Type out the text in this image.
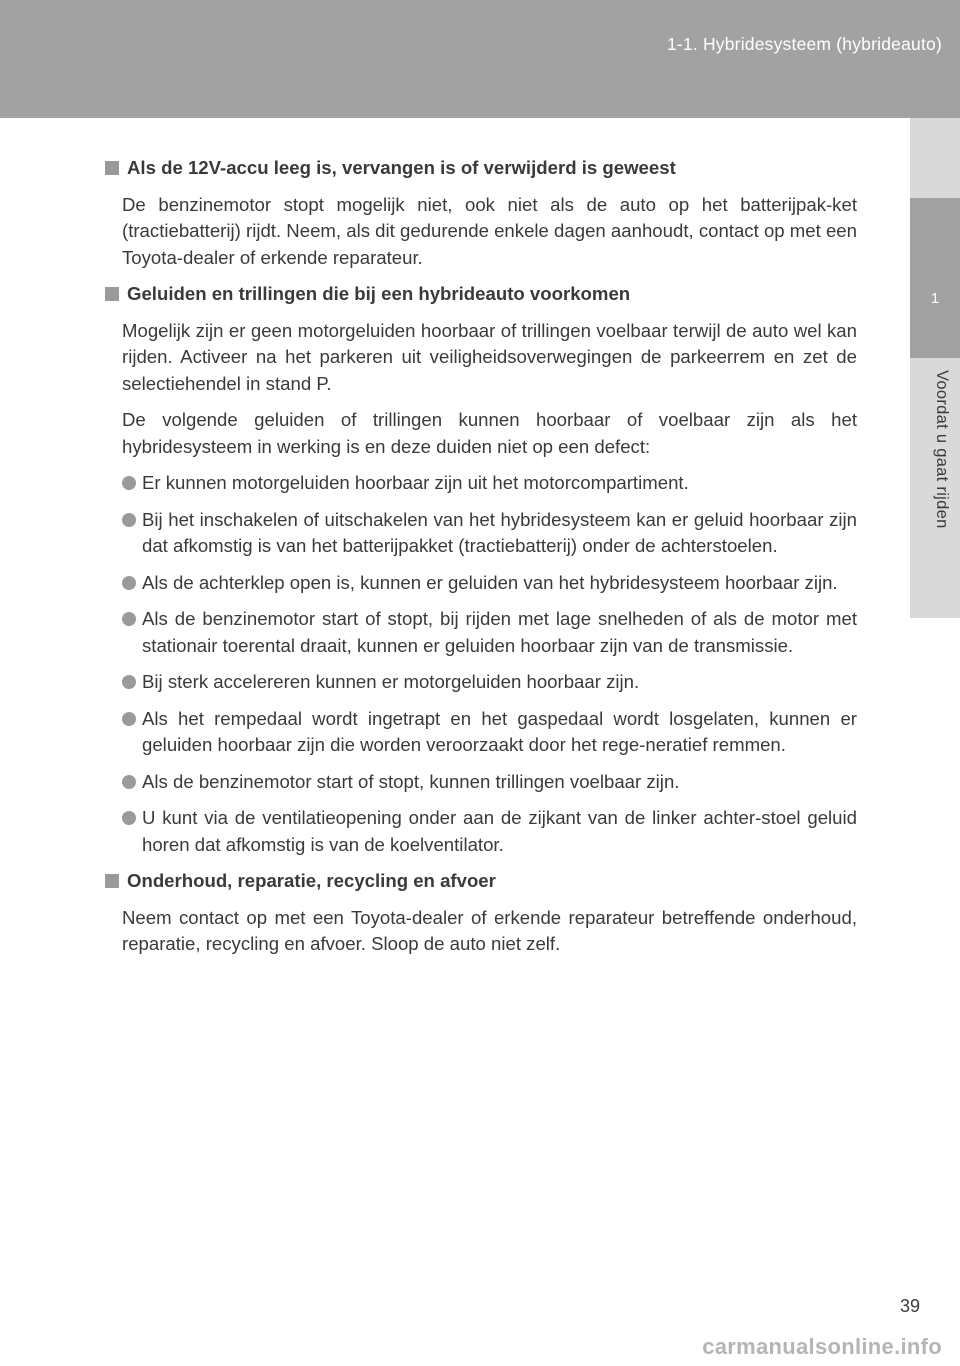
1-1. Hybridesysteem (hybrideauto)
1
Voordat u gaat rijden
Als de 12V-accu leeg is, vervangen is of verwijderd is geweest
De benzinemotor stopt mogelijk niet, ook niet als de auto op het batterijpak-ket (tractiebatterij) rijdt. Neem, als dit gedurende enkele dagen aanhoudt, contact op met een Toyota-dealer of erkende reparateur.
Geluiden en trillingen die bij een hybrideauto voorkomen
Mogelijk zijn er geen motorgeluiden hoorbaar of trillingen voelbaar terwijl de auto wel kan rijden. Activeer na het parkeren uit veiligheidsoverwegingen de parkeerrem en zet de selectiehendel in stand P.
De volgende geluiden of trillingen kunnen hoorbaar of voelbaar zijn als het hybridesysteem in werking is en deze duiden niet op een defect:
Er kunnen motorgeluiden hoorbaar zijn uit het motorcompartiment.
Bij het inschakelen of uitschakelen van het hybridesysteem kan er geluid hoorbaar zijn dat afkomstig is van het batterijpakket (tractiebatterij) onder de achterstoelen.
Als de achterklep open is, kunnen er geluiden van het hybridesysteem hoorbaar zijn.
Als de benzinemotor start of stopt, bij rijden met lage snelheden of als de motor met stationair toerental draait, kunnen er geluiden hoorbaar zijn van de transmissie.
Bij sterk accelereren kunnen er motorgeluiden hoorbaar zijn.
Als het rempedaal wordt ingetrapt en het gaspedaal wordt losgelaten, kunnen er geluiden hoorbaar zijn die worden veroorzaakt door het rege-neratief remmen.
Als de benzinemotor start of stopt, kunnen trillingen voelbaar zijn.
U kunt via de ventilatieopening onder aan de zijkant van de linker achter-stoel geluid horen dat afkomstig is van de koelventilator.
Onderhoud, reparatie, recycling en afvoer
Neem contact op met een Toyota-dealer of erkende reparateur betreffende onderhoud, reparatie, recycling en afvoer. Sloop de auto niet zelf.
39
carmanualsonline.info
